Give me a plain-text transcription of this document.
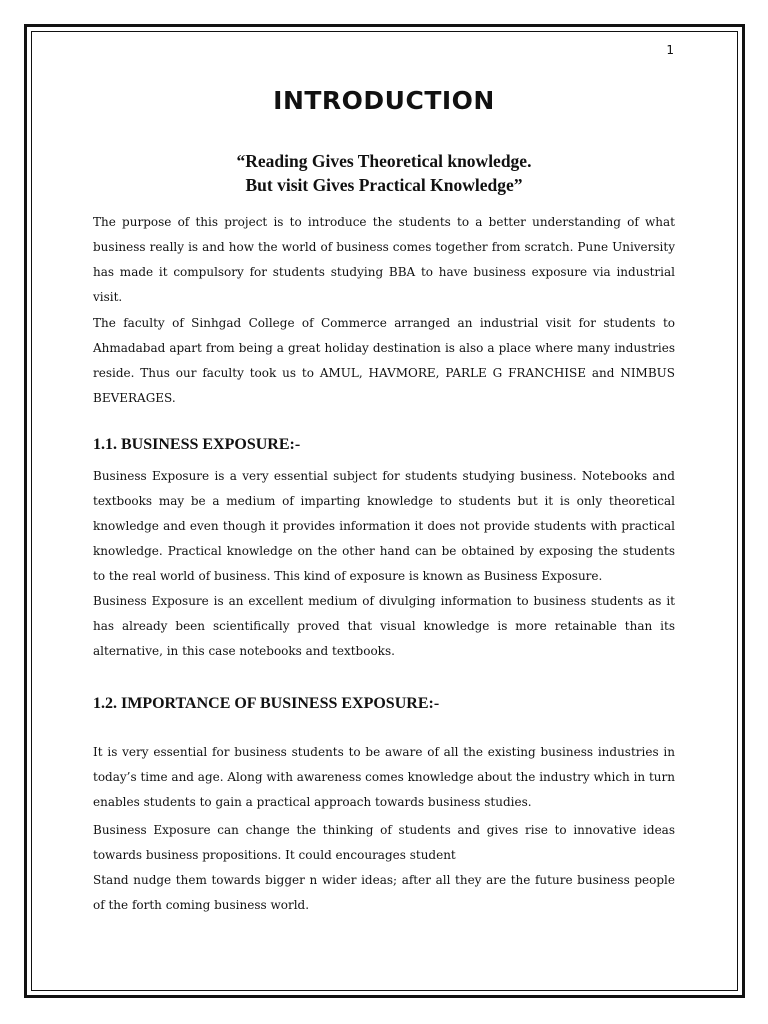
1
INTRODUCTION
“Reading Gives Theoretical knowledge.
But visit Gives Practical Knowledge”

The purpose of this project is to introduce the students to a better understanding of what business really is and how the world of business comes together from scratch. Pune University has made it compulsory for students studying BBA to have business exposure via industrial visit.

The faculty of Sinhgad College of Commerce arranged an industrial visit for students to Ahmadabad apart from being a great holiday destination is also a place where many industries reside. Thus our faculty took us to AMUL, HAVMORE, PARLE G FRANCHISE and NIMBUS BEVERAGES.

1.1. BUSINESS EXPOSURE:-

Business Exposure is a very essential subject for students studying business. Notebooks and textbooks may be a medium of imparting knowledge to students but it is only theoretical knowledge and even though it provides information it does not provide students with practical knowledge. Practical knowledge on the other hand can be obtained by exposing the students to the real world of business. This kind of exposure is known as Business Exposure.

Business Exposure is an excellent medium of divulging information to business students as it has already been scientifically proved that visual knowledge is more retainable than its alternative, in this case notebooks and textbooks.

1.2. IMPORTANCE OF BUSINESS EXPOSURE:-

It is very essential for business students to be aware of all the existing business industries in today’s time and age. Along with awareness comes knowledge about the industry which in turn enables students to gain a practical approach towards business studies.

Business Exposure can change the thinking of students and gives rise to innovative ideas towards business propositions. It could encourages student

Stand nudge them towards bigger n wider ideas; after all they are the future business people of the forth coming business world.
